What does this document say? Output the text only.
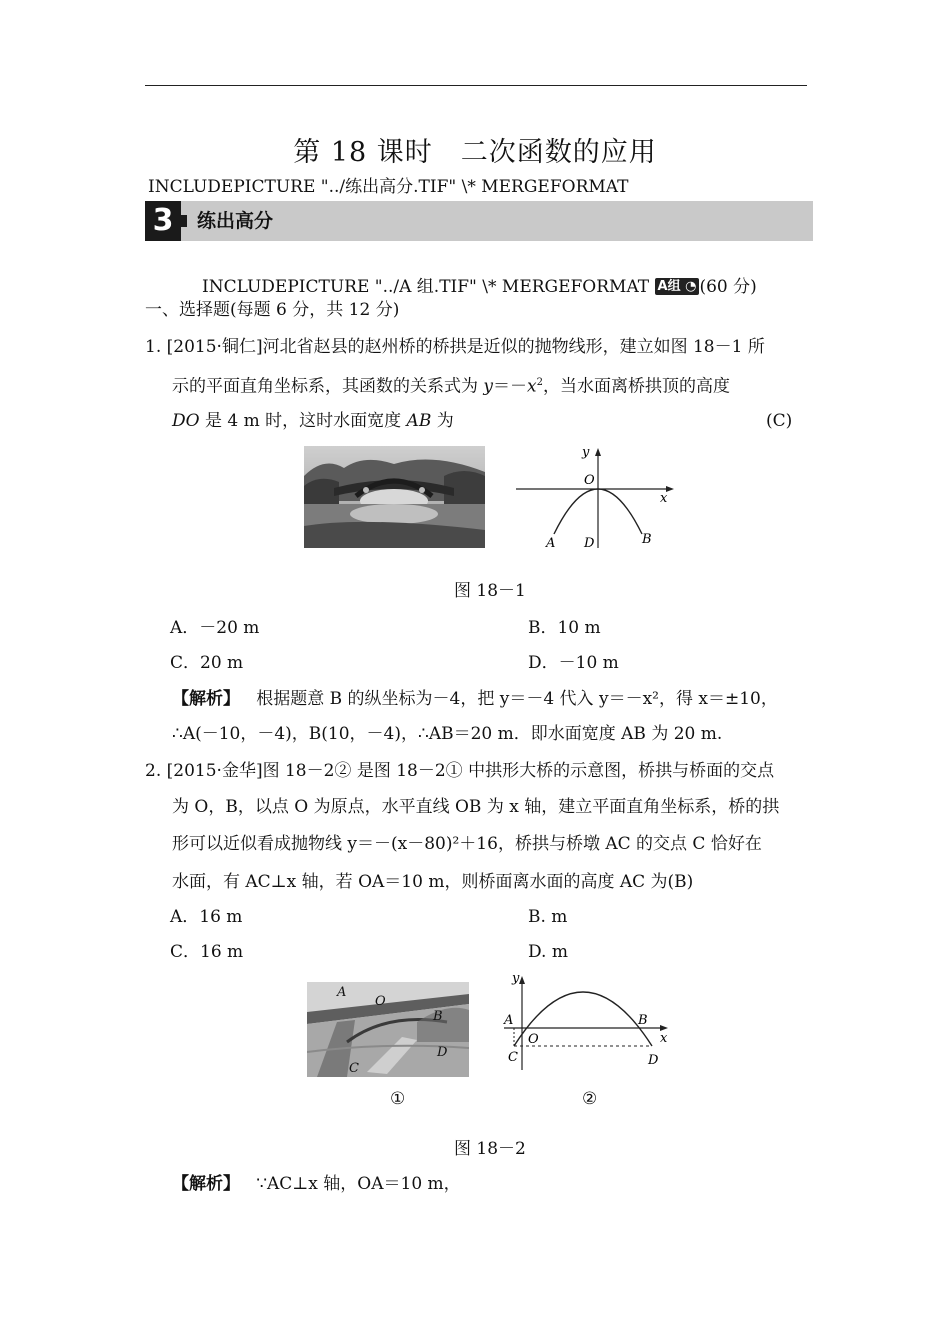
第 18 课时　二次函数的应用
INCLUDEPICTURE "../练出高分.TIF" \* MERGEFORMAT
3	练出高分
INCLUDEPICTURE "../A 组.TIF" \* MERGEFORMAT A组 ◔ (60 分)
一、选择题(每题 6 分，共 12 分)
1. [2015·铜仁]河北省赵县的赵州桥的桥拱是近似的抛物线形，建立如图 18－1 所
示的平面直角坐标系，其函数的关系式为 $y=-x^2$，当水面离桥拱顶的高度
DO 是 4 m 时，这时水面宽度 AB 为	(C)
y
x
O
A D	B
图 18－1
A．－20 m	B．10 m
C．20 m	D．－10 m
【解析】 根据题意 B 的纵坐标为－4，把 y＝－4 代入 y＝－x²，得 x＝±10，
∴A(－10，－4)，B(10，－4)，∴AB＝20 m．即水面宽度 AB 为 20 m.
2. [2015·金华]图 18－2② 是图 18－2① 中拱形大桥的示意图，桥拱与桥面的交点
为 O，B，以点 O 为原点，水平直线 OB 为 x 轴，建立平面直角坐标系，桥的拱
形可以近似看成抛物线 y＝－(x－80)²＋16，桥拱与桥墩 AC 的交点 C 恰好在
水面，有 AC⊥x 轴，若 OA＝10 m，则桥面离水面的高度 AC 为(B)
A．16 m	B. m
C．16 m	D. m
A
O
B
D
C
y
x
A
O
B
C	D
①	②
图 18－2
【解析】 ∵AC⊥x 轴，OA＝10 m，
